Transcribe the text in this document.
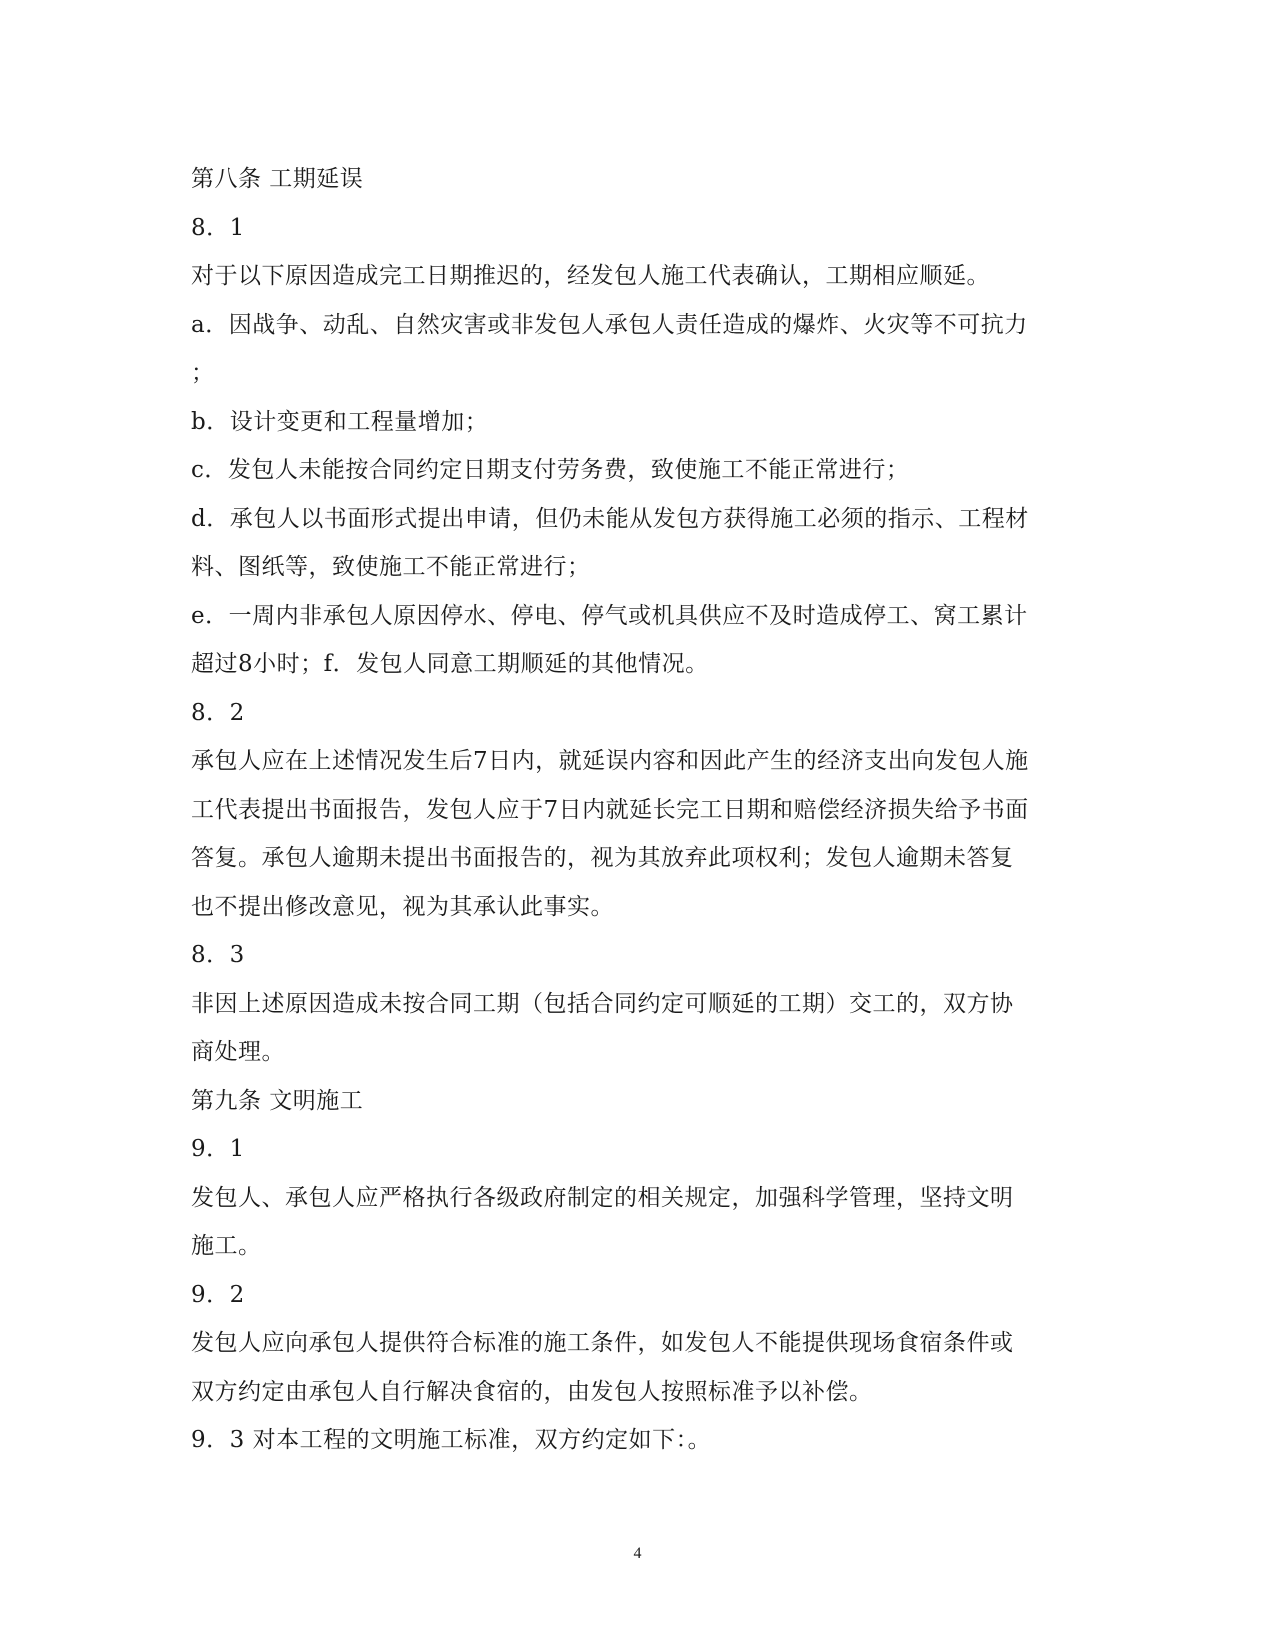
第八条 工期延误
8．1
对于以下原因造成完工日期推迟的，经发包人施工代表确认，工期相应顺延。
a．因战争、动乱、自然灾害或非发包人承包人责任造成的爆炸、火灾等不可抗力
；
b．设计变更和工程量增加；
c．发包人未能按合同约定日期支付劳务费，致使施工不能正常进行；
d．承包人以书面形式提出申请，但仍未能从发包方获得施工必须的指示、工程材
料、图纸等，致使施工不能正常进行；
e．一周内非承包人原因停水、停电、停气或机具供应不及时造成停工、窝工累计
超过8小时；f．发包人同意工期顺延的其他情况。
8．2
承包人应在上述情况发生后7日内，就延误内容和因此产生的经济支出向发包人施
工代表提出书面报告，发包人应于7日内就延长完工日期和赔偿经济损失给予书面
答复。承包人逾期未提出书面报告的，视为其放弃此项权利；发包人逾期未答复
也不提出修改意见，视为其承认此事实。
8．3
非因上述原因造成未按合同工期（包括合同约定可顺延的工期）交工的，双方协
商处理。
第九条 文明施工
9．1
发包人、承包人应严格执行各级政府制定的相关规定，加强科学管理，坚持文明
施工。
9．2
发包人应向承包人提供符合标准的施工条件，如发包人不能提供现场食宿条件或
双方约定由承包人自行解决食宿的，由发包人按照标准予以补偿。
9．3 对本工程的文明施工标准，双方约定如下：。
4
